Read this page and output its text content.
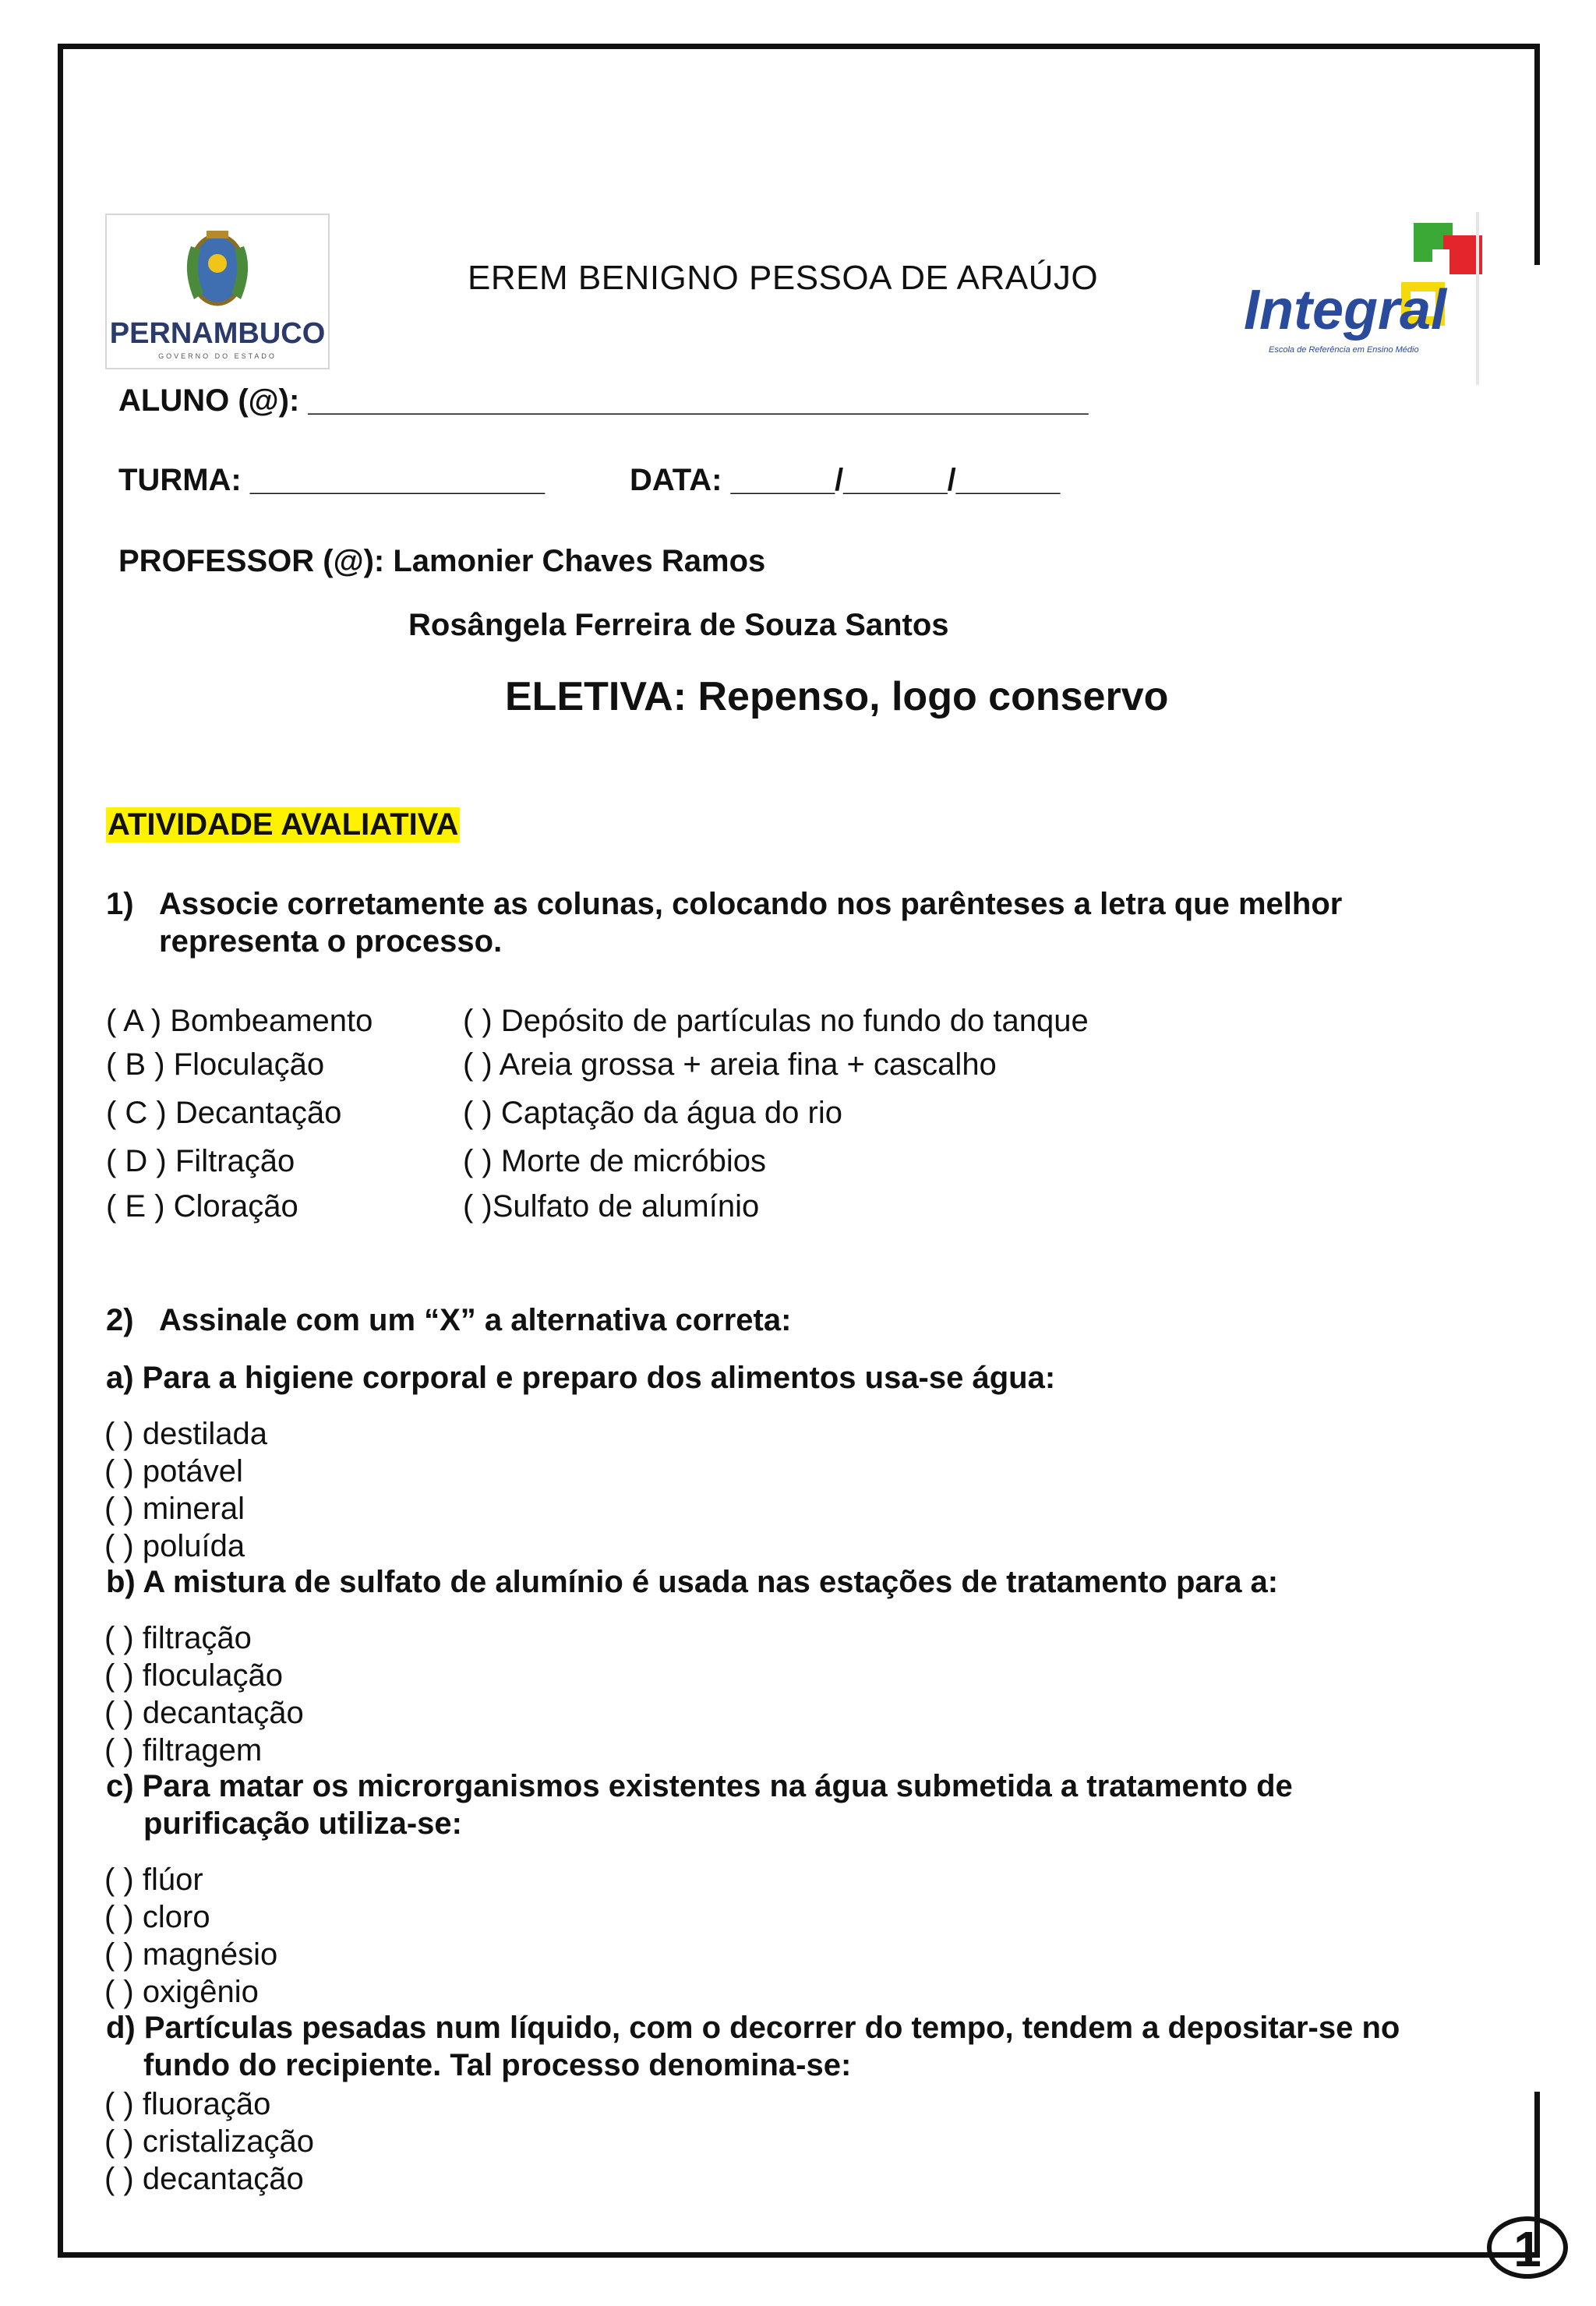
PERNAMBUCO
GOVERNO DO ESTADO
Integral
Escola de Referência em Ensino Médio
EREM BENIGNO PESSOA DE ARAÚJO
ALUNO (@): _____________________________________________
TURMA: _________________	DATA: ______/______/______
PROFESSOR (@): Lamonier Chaves Ramos
Rosângela Ferreira de Souza Santos
ELETIVA: Repenso, logo conservo
ATIVIDADE AVALIATIVA
1) Associe corretamente as colunas, colocando nos parênteses a letra que melhor
representa o processo.
( A ) Bombeamento
( B ) Floculação
( C ) Decantação
( D ) Filtração
( E ) Cloração
( ) Depósito de partículas no fundo do tanque
( ) Areia grossa + areia fina + cascalho
( ) Captação da água do rio
( ) Morte de micróbios
( )Sulfato de alumínio
2) Assinale com um “X” a alternativa correta:
a) Para a higiene corporal e preparo dos alimentos usa-se água:
( ) destilada
( ) potável
( ) mineral
( ) poluída
b) A mistura de sulfato de alumínio é usada nas estações de tratamento para a:
( ) filtração
( ) floculação
( ) decantação
( ) filtragem
c) Para matar os microrganismos existentes na água submetida a tratamento de
purificação utiliza-se:
( ) flúor
( ) cloro
( ) magnésio
( ) oxigênio
d) Partículas pesadas num líquido, com o decorrer do tempo, tendem a depositar-se no
fundo do recipiente. Tal processo denomina-se:
( ) fluoração
( ) cristalização
( ) decantação
1
